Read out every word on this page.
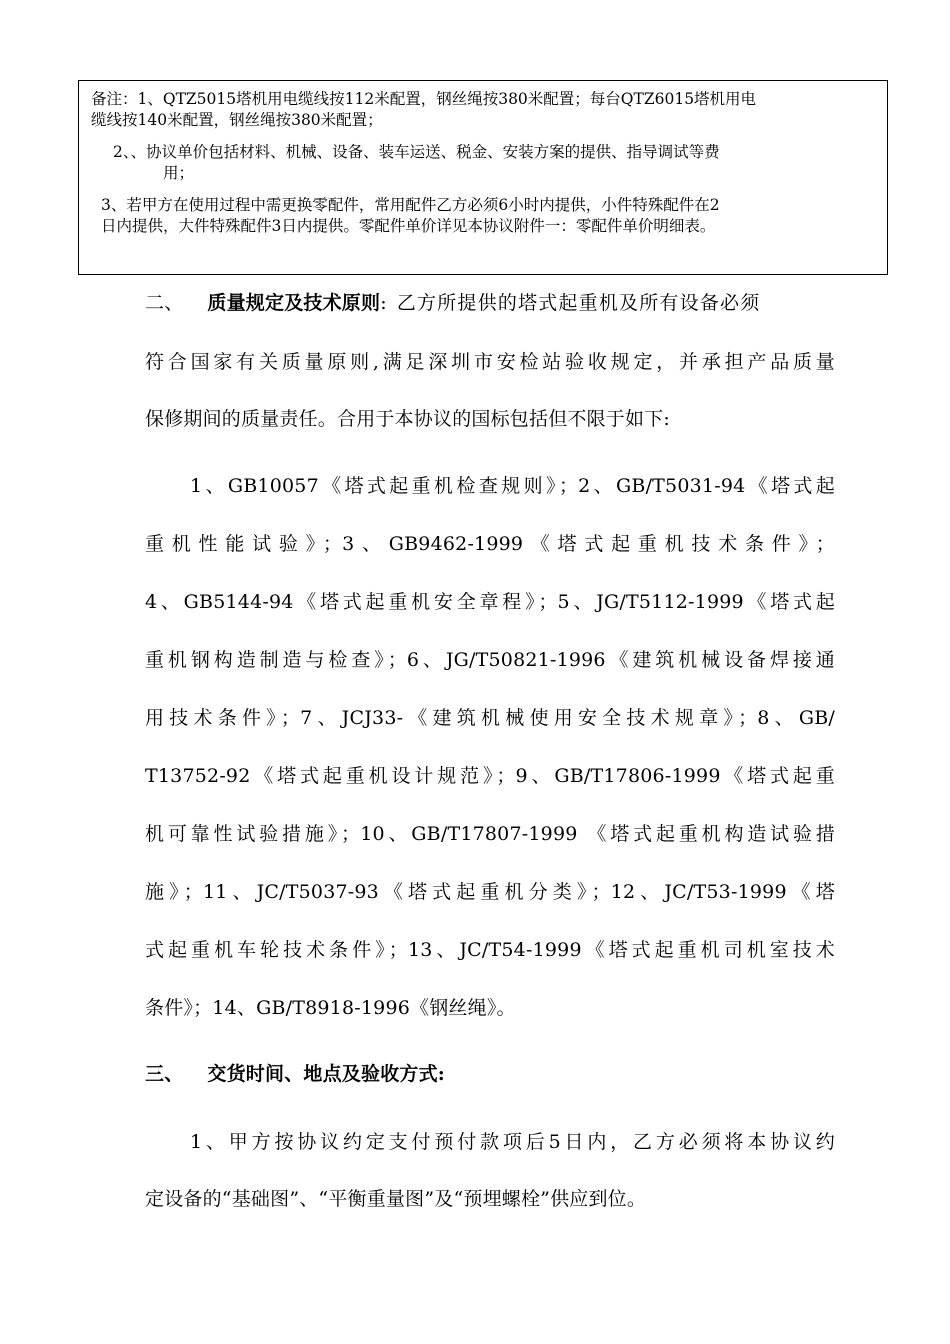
备注：1、QTZ5015塔机用电缆线按112米配置，钢丝绳按380米配置；每台QTZ6015塔机用电
缆线按140米配置，钢丝绳按380米配置；

2、、协议单价包括材料、机械、设备、装车运送、税金、安装方案的提供、指导调试等费
用；

3、若甲方在使用过程中需更换零配件，常用配件乙方必须6小时内提供，小件特殊配件在2
日内提供，大件特殊配件3日内提供。零配件单价详见本协议附件一：零配件单价明细表。

二、 质量规定及技术原则: 乙方所提供的塔式起重机及所有设备必须
符合国家有关质量原则,满足深圳市安检站验收规定，并承担产品质量
保修期间的质量责任。合用于本协议的国标包括但不限于如下:
1、GB10057《塔式起重机检查规则》；2、GB/T5031-94《塔式起
重机性能试验》；3、GB9462-1999《塔式起重机技术条件》；
4、GB5144-94《塔式起重机安全章程》；5、JG/T5112-1999《塔式起
重机钢构造制造与检查》；6、JG/T50821-1996《建筑机械设备焊接通
用技术条件》；7、JCJ33-《建筑机械使用安全技术规章》；8、GB/
T13752-92《塔式起重机设计规范》；9、GB/T17806-1999《塔式起重
机可靠性试验措施》；10、GB/T17807-1999 《塔式起重机构造试验措
施》；11、JC/T5037-93《塔式起重机分类》；12、JC/T53-1999《塔
式起重机车轮技术条件》；13、JC/T54-1999《塔式起重机司机室技术
条件》；14、GB/T8918-1996《钢丝绳》。
三、 交货时间、地点及验收方式:
1、甲方按协议约定支付预付款项后5日内，乙方必须将本协议约
定设备的“基础图”、“平衡重量图”及“预埋螺栓”供应到位。
